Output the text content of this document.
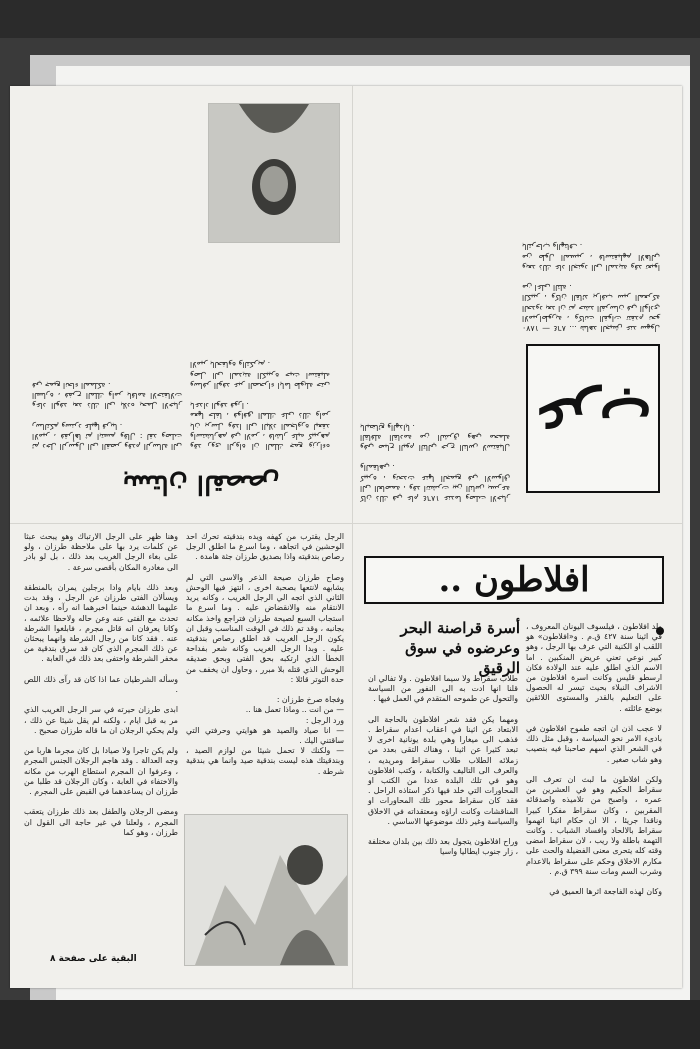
عرب
بستان القصص
١٨٧٠ — ٨٦٤ ... شاهد الجيش عند سهول الامبراطورية ، وكانت القوات تتقدم نحو الحدود بعد ان تم حشد الفرسان في الوادي الكبير ، وكان القائد يراقب سير المعركة من اعلى التلة .

وبعد ذلك عاد الجنود الى المدينة وقد تعبوا من طول المسير ، فاستقبلهم الاهالي بالترحاب والهتاف .
كان ذلك في عام ١٨٦٤ عندما وصلت الاخبار الى العاصمة ، وقد انتشرت بين الناس بسرعة كبيرة ، وتحدث عنها الجميع في الاسواق والمقاهي .

وفي صباح اليوم التالي خرج الناس لاستقبال القافلة القادمة من الشرق وهي محملة بالبضائع والهدايا .
وقد روى الرواة ان الملك جمع وزراءه واستشارهم في الامر ، فاشار عليه كبيرهم بان يرسل وفدا الى البلاد المجاورة ليعقد معها حلفا ، فوافق الملك على ذلك وامر باعداد الوفد فورا .

وسافر الوفد عبر الصحراء اياما طويلة حتى وصل الى المدينة الكبيرة حيث استقبله الامير بالحفاوة والتكريم .
ثم دخل الرسول الى القصر وقدم الرسالة الى الامير ، فقرأها ثم ابتسم وقال : لقد وصلت رسالتكم وسنرد عليها قريبا .

وعاد الوفد بعد ذلك الى بلاده يحمل الاخبار السارة ، ففرح الملك وامر باقامة الاحتفالات في جميع انحاء المملكة .
افلاطون ..
أسرة قراصنة البحر وعرضوه في سوق الرقيق
ولد افلاطون ، فيلسوف اليونان المعروف ، في اثينا سنة ٤٢٧ ق.م . و«افلاطون» هو اللقب او الكنية التي عرف بها الرجل ، وهو كبير نوعي تعني عريض المنكبين . اما الاسم الذي اطلق عليه عند الولادة فكان ارسطو قليس وكانت اسرة افلاطون من الاشراف النبلاء بحيث تيسر له الحصول على التعليم بالقدر والمستوى اللائقين بوضع عائلته .

لا عجب اذن ان اتجه طموح افلاطون في بادىء الامر نحو السياسة ، وقبل مثل ذلك في الشعر الذي اسهم صاحبنا فيه بنصيب وهو شاب صغير .

ولكن افلاطون ما لبث ان تعرف الى سقراط الحكيم وهو في العشرين من عمره ، واصبح من تلاميذه واصدقائه المقربين ، وكان سقراط مفكرا كبيرا وناقدا جريئا ، الا ان حكام اثينا اتهموا سقراط بالالحاد وافساد الشباب . وكانت التهمة باطلة ولا ريب ، لان سقراط امضى وقته كله يتحرى معنى الفضيلة والحث على مكارم الاخلاق وحكم على سقراط بالاعدام وشرب السم ومات سنة ٣٩٩ ق.م .

وكان لهذه الفاجعة اثرها العميق في
طلاب سقراط ولا سيما افلاطون . ولا تفالي ان قلنا انها ادت به الى النفور من السياسة والتحول عن طموحه المتقدم في العمل فيها .

ومهما يكن فقد شعر افلاطون بالحاجة الى الابتعاد عن اثينا في اعقاب اعدام سقراط . فذهب الى ميغارا وهي بلدة يونانية اخرى لا تبعد كثيرا عن اثينا ، وهناك التقى بعدد من زملائه الطلاب طلاب سقراط ومريديه ، والعرف الى التاليف والكتابة ، وكتب افلاطون وهو في تلك البلدة عددا من الكتب او المحاورات التي خلد فيها ذكر استاذه الراحل . فقد كان سقراط محور تلك المحاورات او المناقشات وكانت اراؤه ومعتقداته في الاخلاق والسياسة وغير ذلك موضوعها الاساسي .

وراح افلاطون يتجول بعد ذلك بين بلدان مختلفة ، زار جنوب ايطاليا واسيا
الرجل يقترب من كهفه ويده بندقيته تحرك احد الوحشين في اتجاهه ، وما اسرع ما اطلق الرجل رصاص بندقيته واذا بصديق طرزان جثة هامدة .

وصاح طرزان صيحة الذعر والاسى التي لم يشابهه لانتعها بصحبة اخرى ، انتهز فيها الوحش الثاني الذي اتجه الي الرجل الغريب ، وكانه يريد الانتقام منه والانقضاض عليه . وما اسرع ما استجاب السبع لصيحة طرزان فتراجع واخذ مكانه بجانبه ، وقد تم ذلك في الوقت المناسب وقبل ان يكون الرجل الغريب قد اطلق رصاص بندقيته عليه . وبدا الرجل الغريب وكانه شعر بفداحة الخطأ الذي ارتكبه بحق الفتى وبحق صديقه الوحش الذي قتله بلا مبرر ، وحاول ان يخفف من حدة التوتر قائلا :

وفجاة صرخ طرزان :
— من انت .. وماذا تعمل هنا ..
ورد الرجل :
— انا صياد والصيد هو هوايتي وحرفتي التي ساقتني اليك .
— ولكنك لا تحمل شيئا من لوازم الصيد ، وبندقيتك هذه ليست بندقية صيد وانما هي بندقية شرطة .
وهنا ظهر على الرجل الارتباك وهو يبحث عبثا عن كلمات يرد بها على ملاحظة طرزان ، ولو على بغاء الرجل الغريب بعد ذلك ، بل لو بادر الى مغادرة المكان بأقصى سرعة .

وبعد ذلك بايام وادا برجلين يمران بالمنطقة ويسألان الفتى طرزان عن الرجل ، وقد بدت عليهما الدهشة حينما اخبرهما انه رآه ، وبعد ان تحدث مع الفتى عنه وعن حاله ولاحظا علائمه ، وكانا يعرفان انه قاتل مجرم ، فابلغوا الشرطة عنه . فقد كانا من رجال الشرطة وانهما يبحثان عن ذلك المجرم الذي كان قد سرق بندقية من مخفر الشرطة واختفى بعد ذلك في الغابة .

وسأله الشرطيان عما اذا كان قد رآى ذلك اللص .

ابدى طرزان حيرته في سر الرجل الغريب الذي مر به قبل ايام ، ولكنه لم يقل شيئا عن ذلك ، ولم يحكي الرجلان ان ما قاله طرزان صحيح .

ولم يكن تاجرا ولا صيادا بل كان مجرما هاربا من وجه العدالة . وقد هاجم الرجلان الجنس المجرم ، وعرفوا ان المجرم استطاع الهرب من مكانه والاختفاء في الغابة ، وكان الرجلان قد طلبا من طرزان ان يساعدهما في القبض على المجرم .

ومضى الرجلان والطفل بعد ذلك طرزان يتعقب المجرم ، ولعلنا في غير حاجة الى القول ان طرزان ، وهو كما
البقية على صفحة ٨
